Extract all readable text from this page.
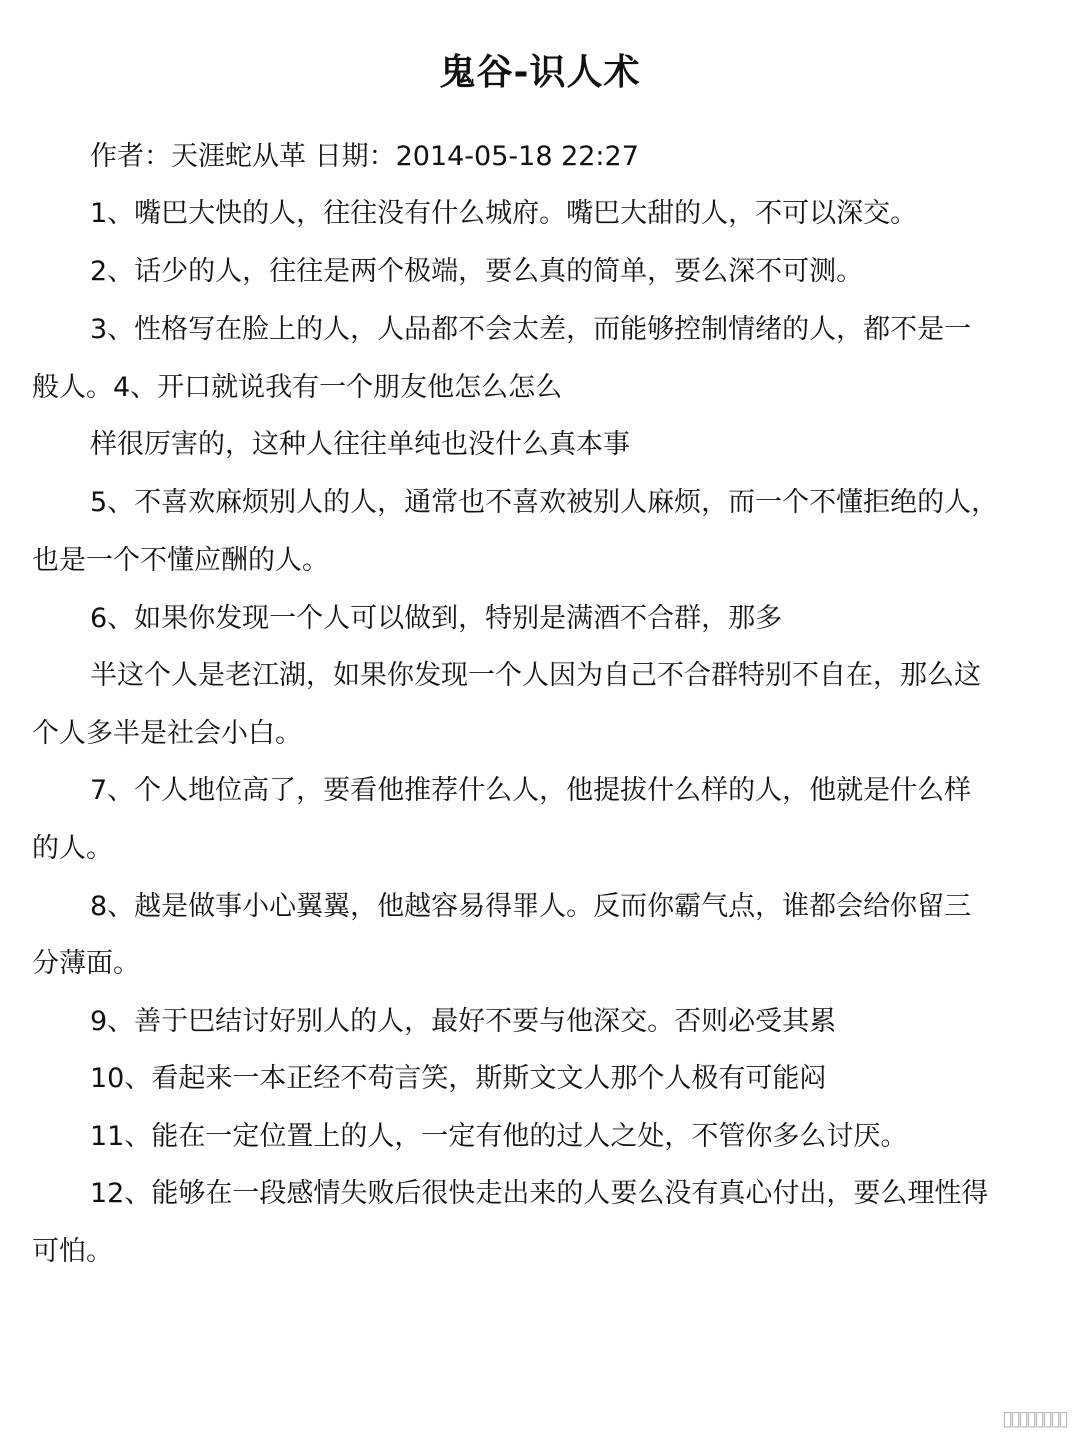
鬼谷-识人术
作者：天涯蛇从革 日期：2014-05-18 22:27
1、嘴巴大快的人，往往没有什么城府。嘴巴大甜的人，不可以深交。
2、话少的人，往往是两个极端，要么真的简单，要么深不可测。
3、性格写在脸上的人，人品都不会太差，而能够控制情绪的人，都不是一
般人。4、开口就说我有一个朋友他怎么怎么
样很厉害的，这种人往往单纯也没什么真本事
5、不喜欢麻烦别人的人，通常也不喜欢被别人麻烦，而一个不懂拒绝的人，
也是一个不懂应酬的人。
6、如果你发现一个人可以做到，特别是满酒不合群，那多
半这个人是老江湖，如果你发现一个人因为自己不合群特别不自在，那么这
个人多半是社会小白。
7、个人地位高了，要看他推荐什么人，他提拔什么样的人，他就是什么样
的人。
8、越是做事小心翼翼，他越容易得罪人。反而你霸气点，谁都会给你留三
分薄面。
9、善于巴结讨好别人的人，最好不要与他深交。否则必受其累
10、看起来一本正经不苟言笑，斯斯文文人那个人极有可能闷
11、能在一定位置上的人，一定有他的过人之处，不管你多么讨厌。
12、能够在一段感情失败后很快走出来的人要么没有真心付出，要么理性得
可怕。
▯▯▯▯▯▯▯▯
